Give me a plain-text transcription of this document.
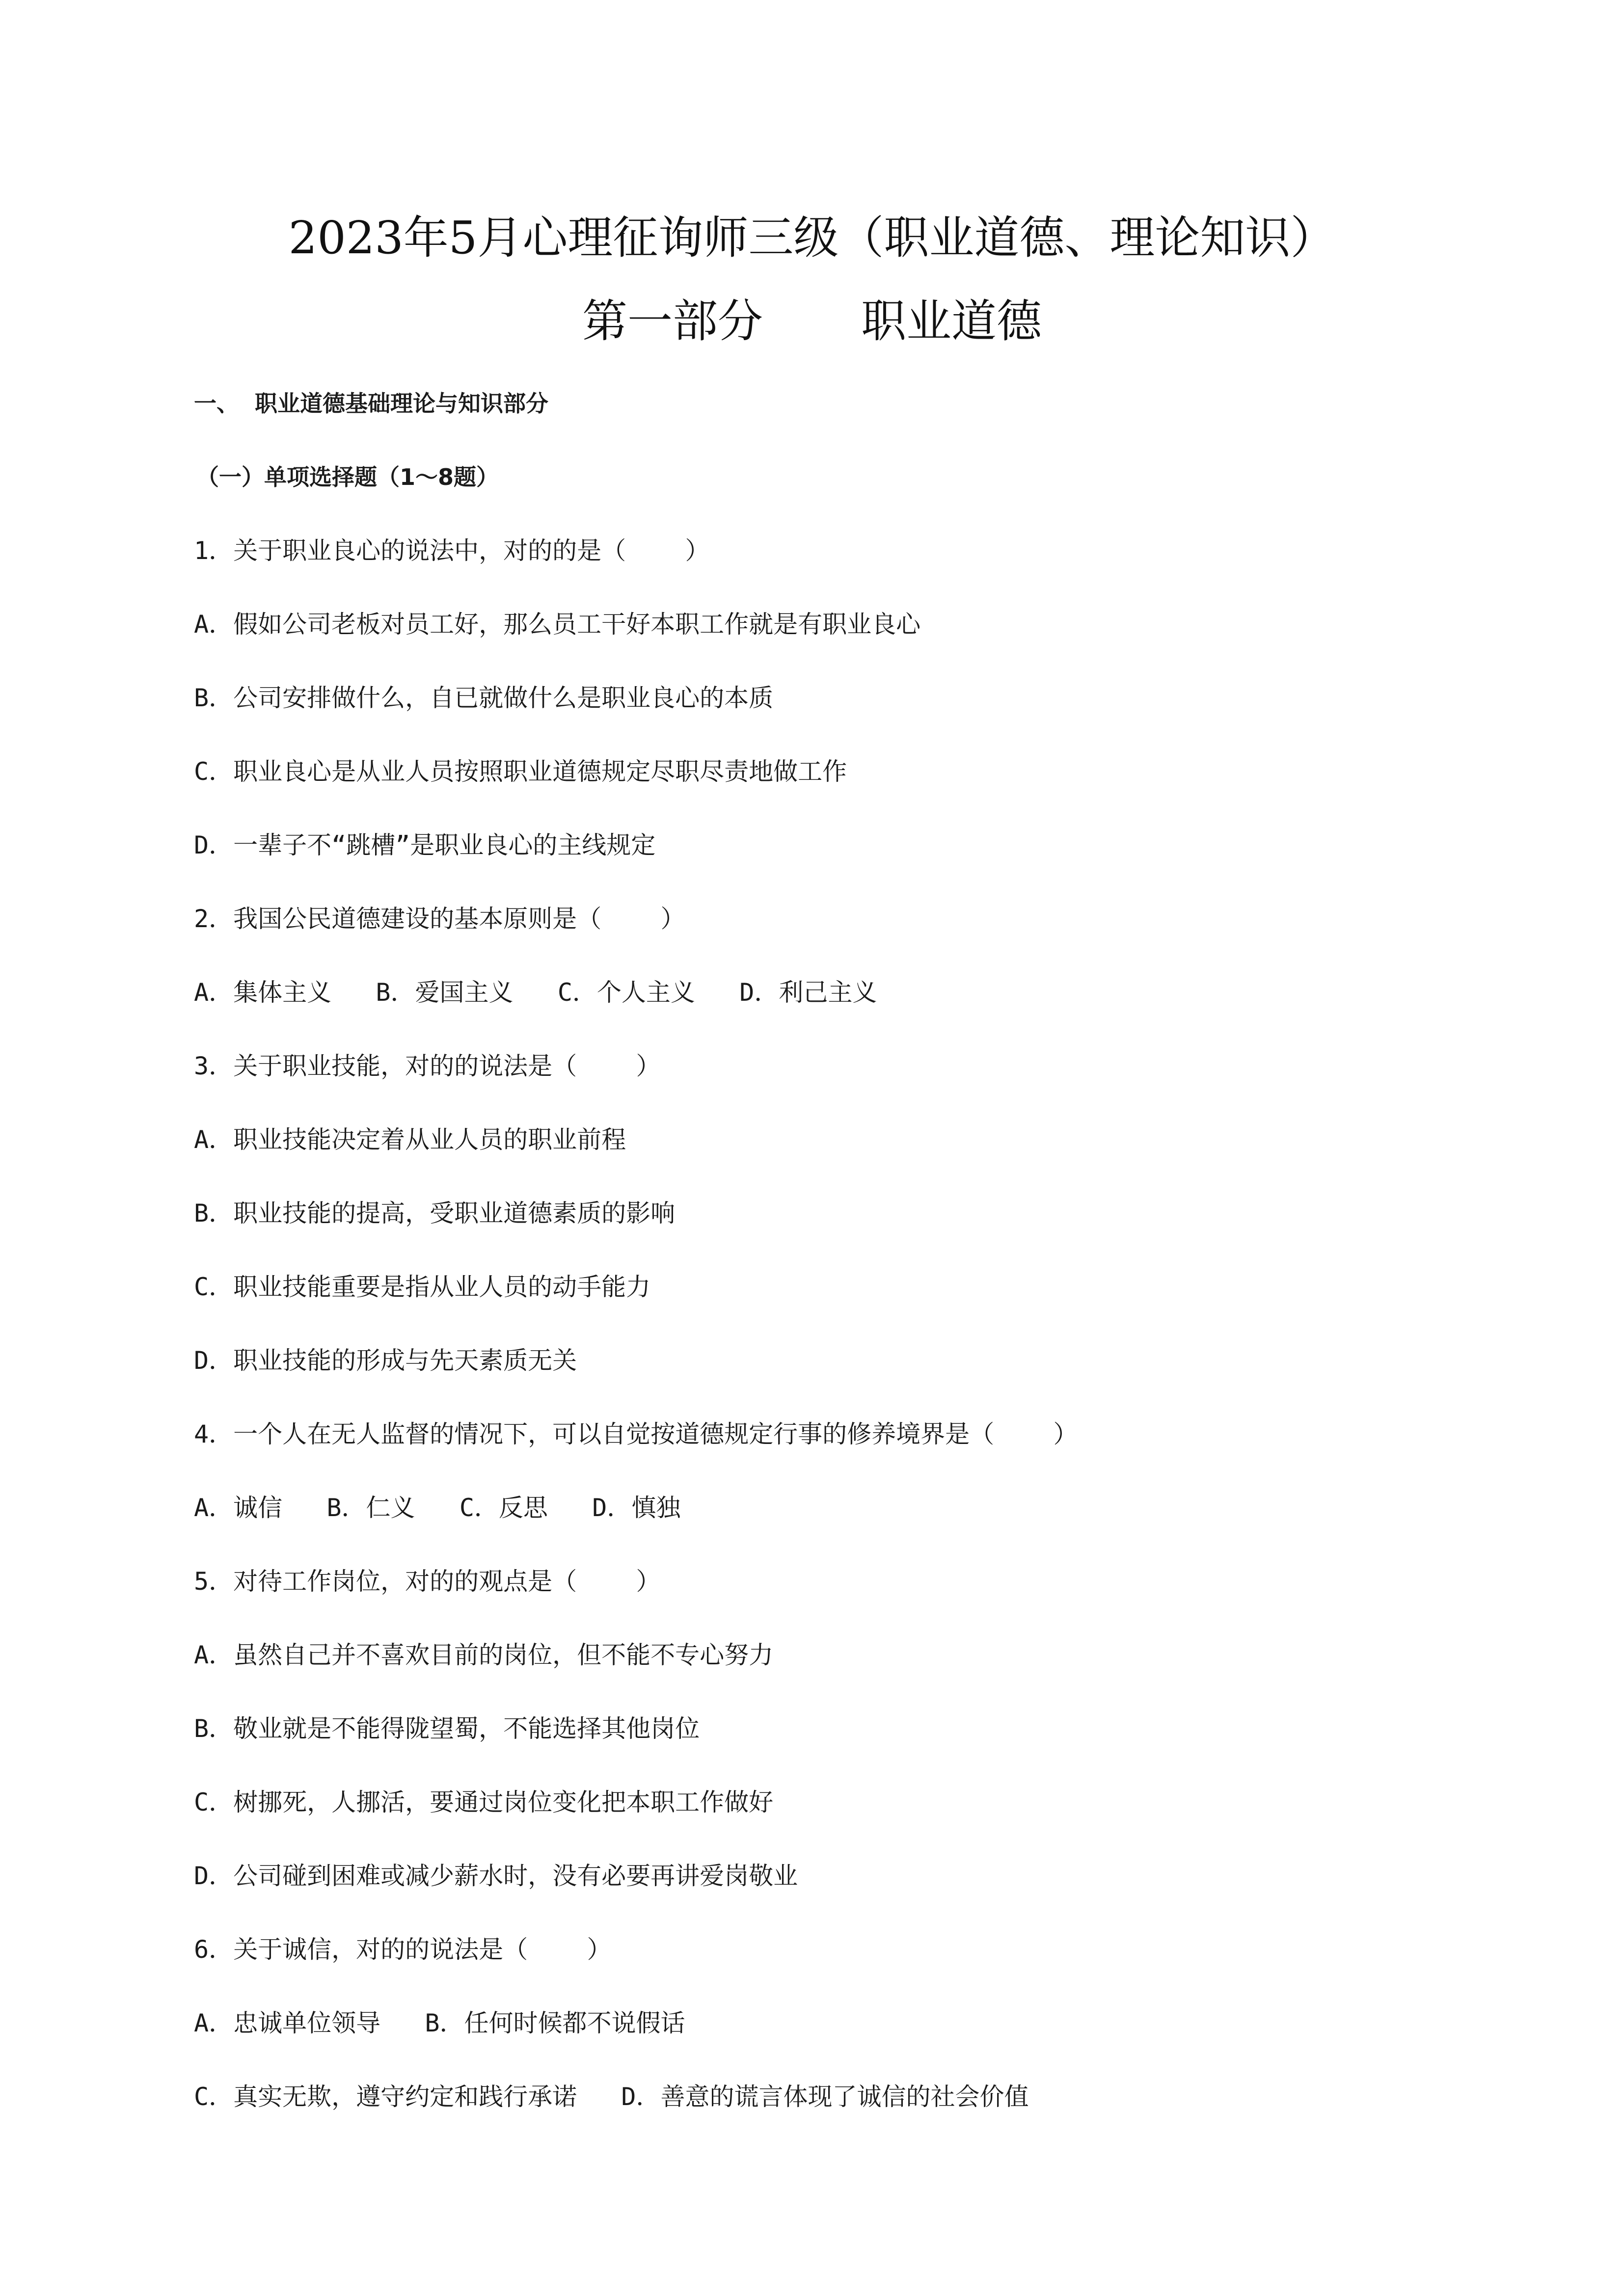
2023年5月心理征询师三级（职业道德、理论知识）
第一部分 职业道德
一、  职业道德基础理论与知识部分
（一）单项选择题（1～8题）
1．关于职业良心的说法中，对的的是（    ）
A．假如公司老板对员工好，那么员工干好本职工作就是有职业良心
B．公司安排做什么，自已就做什么是职业良心的本质
C．职业良心是从业人员按照职业道德规定尽职尽责地做工作
D．一辈子不“跳槽”是职业良心的主线规定
2．我国公民道德建设的基本原则是（    ）
A．集体主义   B．爱国主义   C．个人主义   D．利己主义
3．关于职业技能，对的的说法是（    ）
A．职业技能决定着从业人员的职业前程
B．职业技能的提高，受职业道德素质的影响
C．职业技能重要是指从业人员的动手能力
D．职业技能的形成与先天素质无关
4．一个人在无人监督的情况下，可以自觉按道德规定行事的修养境界是（    ）
A．诚信   B．仁义   C．反思   D．慎独
5．对待工作岗位，对的的观点是（    ）
A．虽然自己并不喜欢目前的岗位，但不能不专心努力
B．敬业就是不能得陇望蜀，不能选择其他岗位
C．树挪死，人挪活，要通过岗位变化把本职工作做好
D．公司碰到困难或减少薪水时，没有必要再讲爱岗敬业
6．关于诚信，对的的说法是（    ）
A．忠诚单位领导   B．任何时候都不说假话
C．真实无欺，遵守约定和践行承诺   D．善意的谎言体现了诚信的社会价值
